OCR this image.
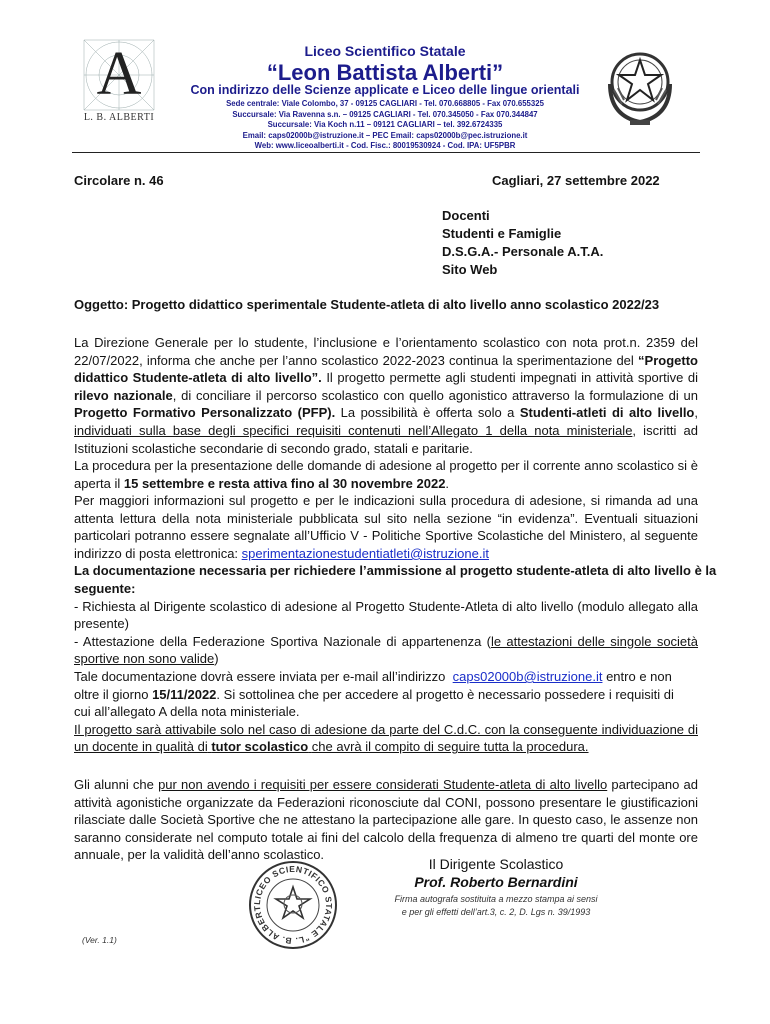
A
L. B. ALBERTI
Liceo Scientifico Statale
“Leon Battista Alberti”
Con indirizzo delle Scienze applicate e Liceo delle lingue orientali
Sede centrale: Viale Colombo, 37 - 09125 CAGLIARI - Tel. 070.668805 - Fax 070.655325
Succursale: Via Ravenna s.n. – 09125 CAGLIARI - Tel. 070.345050 - Fax 070.344847
Succursale: Via Koch n.11 – 09121 CAGLIARI – tel. 392.6724335
Email: caps02000b@istruzione.it – PEC Email: caps02000b@pec.istruzione.it
Web: www.liceoalberti.it - Cod. Fisc.: 80019530924 - Cod. IPA: UF5PBR
Circolare n. 46	Cagliari, 27 settembre 2022
Docenti
Studenti e Famiglie
D.S.G.A.- Personale A.T.A.
Sito Web
Oggetto: Progetto didattico sperimentale Studente-atleta di alto livello anno scolastico 2022/23
La Direzione Generale per lo studente, l’inclusione e l’orientamento scolastico con nota prot.n. 2359 del
22/07/2022, informa che anche per l’anno scolastico 2022-2023 continua la sperimentazione del “Progetto
didattico Studente-atleta di alto livello”. Il progetto permette agli studenti impegnati in attività sportive di
rilevo nazionale, di conciliare il percorso scolastico con quello agonistico attraverso la formulazione di un
Progetto Formativo Personalizzato (PFP). La possibilità è offerta solo a Studenti-atleti di alto livello,
individuati sulla base degli specifici requisiti contenuti nell’Allegato 1 della nota ministeriale, iscritti ad
Istituzioni scolastiche secondarie di secondo grado, statali e paritarie.
La procedura per la presentazione delle domande di adesione al progetto per il corrente anno scolastico si è
aperta il 15 settembre e resta attiva fino al 30 novembre 2022.
Per maggiori informazioni sul progetto e per le indicazioni sulla procedura di adesione, si rimanda ad una
attenta lettura della nota ministeriale pubblicata sul sito nella sezione “in evidenza”. Eventuali situazioni
particolari potranno essere segnalate all’Ufficio V - Politiche Sportive Scolastiche del Ministero, al seguente
indirizzo di posta elettronica: sperimentazionestudentiatleti@istruzione.it
La documentazione necessaria per richiedere l’ammissione al progetto studente-atleta di alto livello è la
seguente:
- Richiesta al Dirigente scolastico di adesione al Progetto Studente-Atleta di alto livello (modulo allegato alla
presente)
- Attestazione della Federazione Sportiva Nazionale di appartenenza (le attestazioni delle singole società
sportive non sono valide)
Tale documentazione dovrà essere inviata per e-mail all’indirizzo caps02000b@istruzione.it entro e non
oltre il giorno 15/11/2022. Si sottolinea che per accedere al progetto è necessario possedere i requisiti di
cui all’allegato A della nota ministeriale.
Il progetto sarà attivabile solo nel caso di adesione da parte del C.d.C. con la conseguente individuazione di
un docente in qualità di tutor scolastico che avrà il compito di seguire tutta la procedura.
Gli alunni che pur non avendo i requisiti per essere considerati Studente-atleta di alto livello partecipano ad
attività agonistiche organizzate da Federazioni riconosciute dal CONI, possono presentare le giustificazioni
rilasciate dalle Società Sportive che ne attestano la partecipazione alle gare. In questo caso, le assenze non
saranno considerate nel computo totale ai fini del calcolo della frequenza di almeno tre quarti del monte ore
annuale, per la validità dell’anno scolastico.
LICEO SCIENTIFICO STATALE "L. B. ALBERT
Il Dirigente Scolastico
Prof. Roberto Bernardini
Firma autografa sostituita a mezzo stampa ai sensi
e per gli effetti dell’art.3, c. 2, D. Lgs n. 39/1993
(Ver. 1.1)
